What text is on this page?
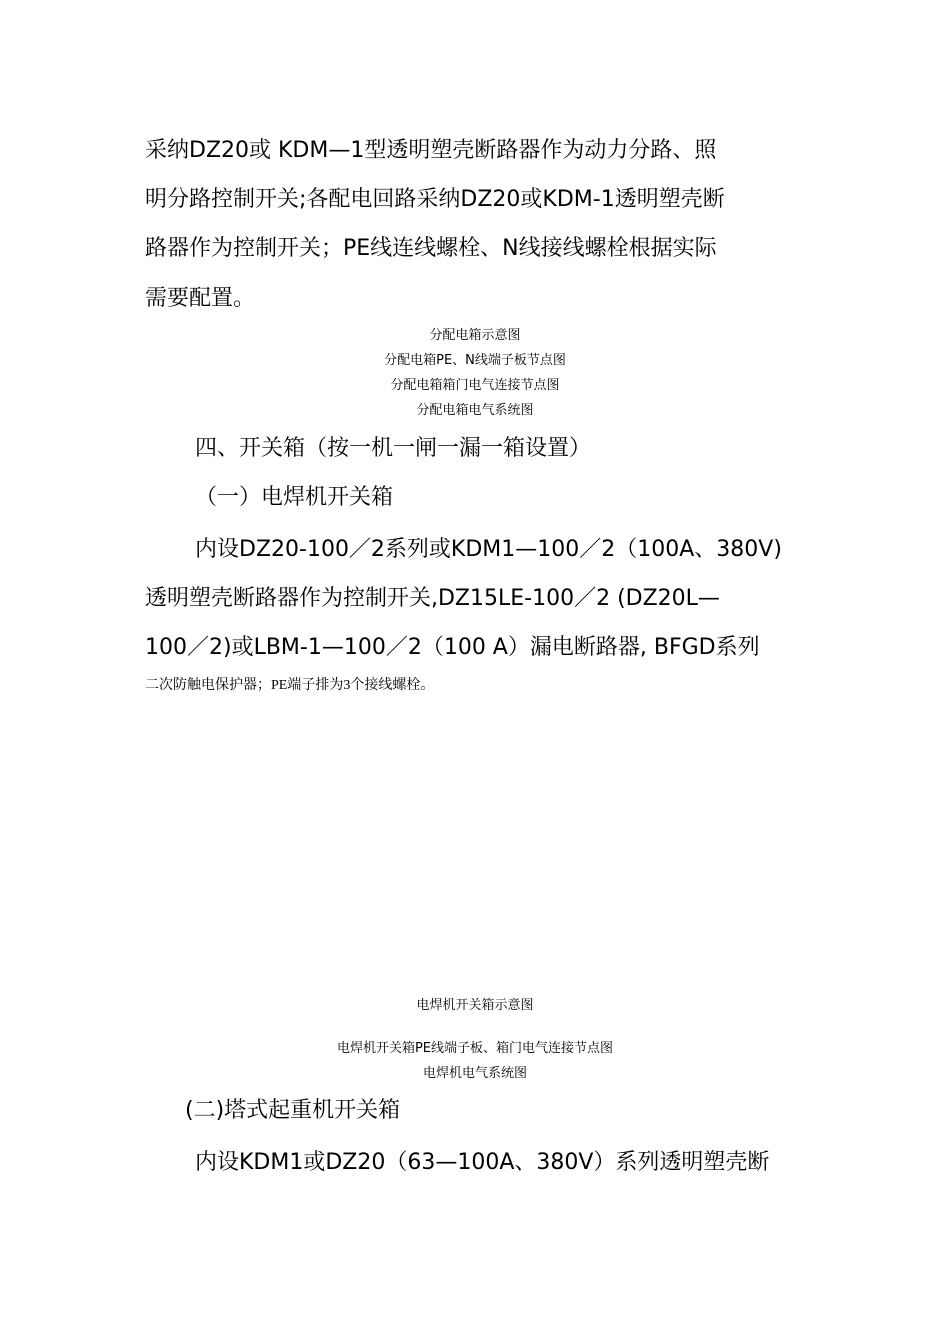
采纳DZ20或 KDM—1型透明塑壳断路器作为动力分路、照

明分路控制开关;各配电回路采纳DZ20或KDM-1透明塑壳断

路器作为控制开关；PE线连线螺栓、N线接线螺栓根据实际

需要配置。

分配电箱示意图

分配电箱PE、N线端子板节点图

分配电箱箱门电气连接节点图

分配电箱电气系统图

四、开关箱（按一机一闸一漏一箱设置）

（一）电焊机开关箱

内设DZ20-100／2系列或KDM1—100／2（100A、380V)

透明塑壳断路器作为控制开关,DZ15LE-100／2 (DZ20L—

100／2)或LBM-1—100／2（100 A）漏电断路器, BFGD系列

二次防触电保护器；PE端子排为3个接线螺栓。

电焊机开关箱示意图

电焊机开关箱PE线端子板、箱门电气连接节点图

电焊机电气系统图

(二)塔式起重机开关箱

内设KDM1或DZ20（63—100A、380V）系列透明塑壳断
